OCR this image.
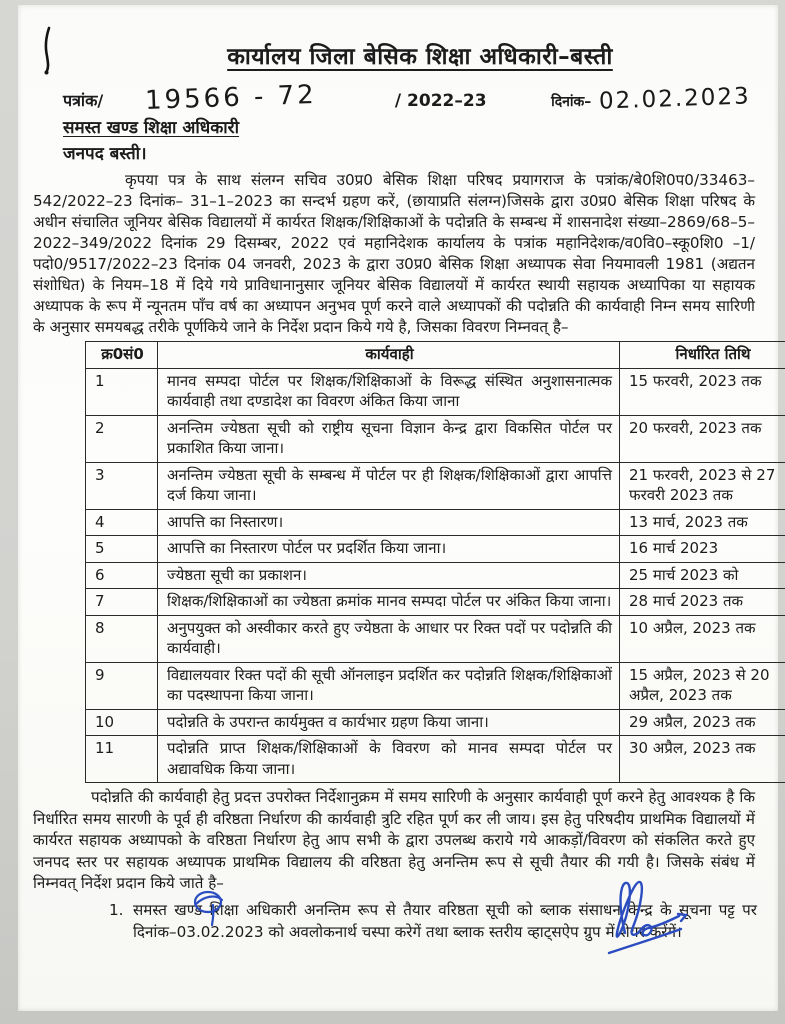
कार्यालय जिला बेसिक शिक्षा अधिकारी–बस्ती
पत्रांक/ 19566 - 72	/ 2022–23	दिनांक– 02.02.2023
समस्त खण्ड शिक्षा अधिकारी
जनपद बस्ती।
कृपया पत्र के साथ संलग्न सचिव उ0प्र0 बेसिक शिक्षा परिषद प्रयागराज के पत्रांक/बे0शि0प0/33463–542/2022–23 दिनांक– 31–1–2023 का सन्दर्भ ग्रहण करें, (छायाप्रति संलग्न)जिसके द्वारा उ0प्र0 बेसिक शिक्षा परिषद के अधीन संचालित जूनियर बेसिक विद्यालयों में कार्यरत शिक्षक/शिक्षिकाओं के पदोन्नति के सम्बन्ध में शासनादेश संख्या–2869/68–5–2022–349/2022 दिनांक 29 दिसम्बर, 2022 एवं महानिदेशक कार्यालय के पत्रांक महानिदेशक/व0वि0–स्कू0शि0 –1/पदो0/9517/2022–23 दिनांक 04 जनवरी, 2023 के द्वारा उ0प्र0 बेसिक शिक्षा अध्यापक सेवा नियमावली 1981 (अद्यतन संशोधित) के नियम–18 में दिये गये प्राविधानानुसार जूनियर बेसिक विद्यालयों में कार्यरत स्थायी सहायक अध्यापिका या सहायक अध्यापक के रूप में न्यूनतम पाँच वर्ष का अध्यापन अनुभव पूर्ण करने वाले अध्यापकों की पदोन्नति की कार्यवाही निम्न समय सारिणी के अनुसार समयबद्ध तरीके पूर्णकिये जाने के निर्देश प्रदान किये गये है, जिसका विवरण निम्नवत् है–
क्र0सं0	कार्यवाही	निर्धारित तिथि
1	मानव सम्पदा पोर्टल पर शिक्षक/शिक्षिकाओं के विरूद्ध संस्थित अनुशासनात्मक कार्यवाही तथा दण्डादेश का विवरण अंकित किया जाना	15 फरवरी, 2023 तक
2	अनन्तिम ज्येष्ठता सूची को राष्ट्रीय सूचना विज्ञान केन्द्र द्वारा विकसित पोर्टल पर प्रकाशित किया जाना।	20 फरवरी, 2023 तक
3	अनन्तिम ज्येष्ठता सूची के सम्बन्ध में पोर्टल पर ही शिक्षक/शिक्षिकाओं द्वारा आपत्ति दर्ज किया जाना।	21 फरवरी, 2023 से 27 फरवरी 2023 तक
4	आपत्ति का निस्तारण।	13 मार्च, 2023 तक
5	आपत्ति का निस्तारण पोर्टल पर प्रदर्शित किया जाना।	16 मार्च 2023
6	ज्येष्ठता सूची का प्रकाशन।	25 मार्च 2023 को
7	शिक्षक/शिक्षिकाओं का ज्येष्ठता क्रमांक मानव सम्पदा पोर्टल पर अंकित किया जाना।	28 मार्च 2023 तक
8	अनुपयुक्त को अस्वीकार करते हुए ज्येष्ठता के आधार पर रिक्त पदों पर पदोन्नति की कार्यवाही।	10 अप्रैल, 2023 तक
9	विद्यालयवार रिक्त पदों की सूची ऑनलाइन प्रदर्शित कर पदोन्नति शिक्षक/शिक्षिकाओं का पदस्थापना किया जाना।	15 अप्रैल, 2023 से 20 अप्रैल, 2023 तक
10	पदोन्नति के उपरान्त कार्यमुक्त व कार्यभार ग्रहण किया जाना।	29 अप्रैल, 2023 तक
11	पदोन्नति प्राप्त शिक्षक/शिक्षिकाओं के विवरण को मानव सम्पदा पोर्टल पर अद्यावधिक किया जाना।	30 अप्रैल, 2023 तक
पदोन्नति की कार्यवाही हेतु प्रदत्त उपरोक्त निर्देशानुक्रम में समय सारिणी के अनुसार कार्यवाही पूर्ण करने हेतु आवश्यक है कि निर्धारित समय सारणी के पूर्व ही वरिष्ठता निर्धारण की कार्यवाही त्रुटि रहित पूर्ण कर ली जाय। इस हेतु परिषदीय प्राथमिक विद्यालयों में कार्यरत सहायक अध्यापको के वरिष्ठता निर्धारण हेतु आप सभी के द्वारा उपलब्ध कराये गये आकड़ों/विवरण को संकलित करते हुए जनपद स्तर पर सहायक अध्यापक प्राथमिक विद्यालय की वरिष्ठता हेतु अनन्तिम रूप से सूची तैयार की गयी है। जिसके संबंध में निम्नवत् निर्देश प्रदान किये जाते है–
1. समस्त खण्ड शिक्षा अधिकारी अनन्तिम रूप से तैयार वरिष्ठता सूची को ब्लाक संसाधन केन्द्र के सूचना पट्ट पर दिनांक–03.02.2023 को अवलोकनार्थ चस्पा करेगें तथा ब्लाक स्तरीय व्हाट्सऐप ग्रुप में शेयर करेंगें।
